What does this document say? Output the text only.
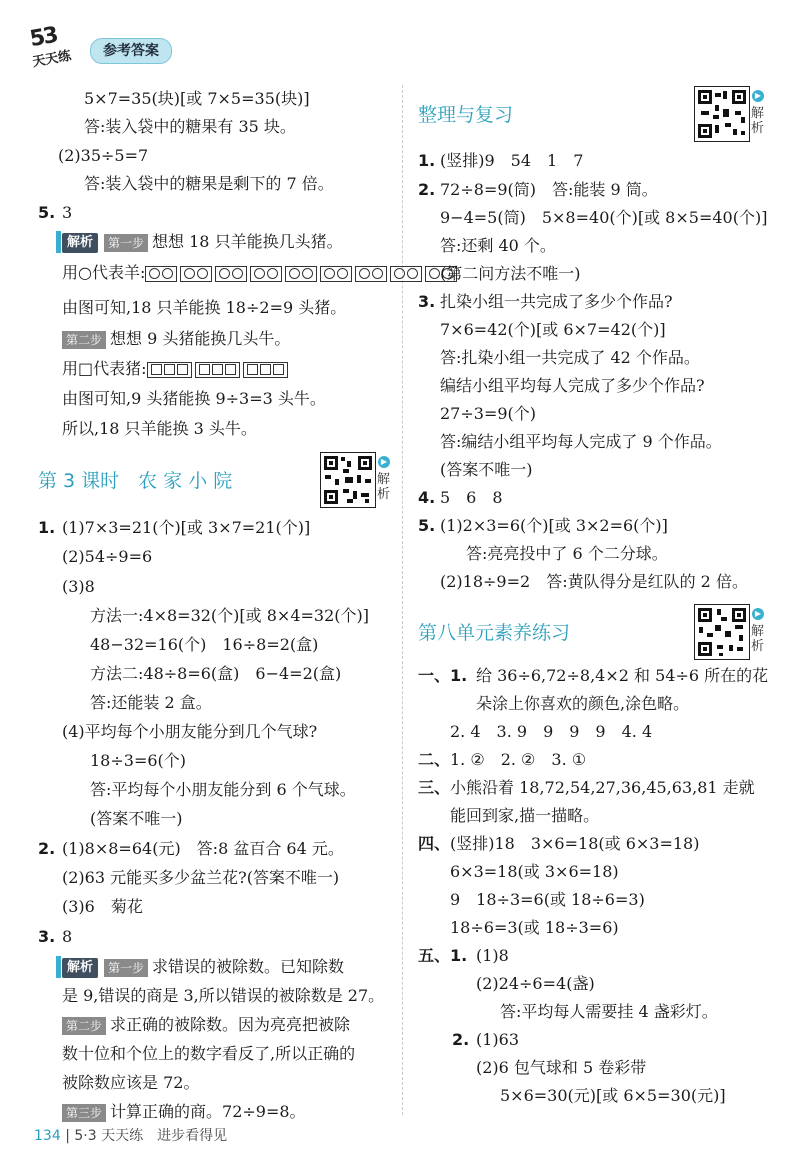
53
天天练	参考答案
5×7=35(块)[或 7×5=35(块)]
答:装入袋中的糖果有 35 块。
(2)35÷5=7
答:装入袋中的糖果是剩下的 7 倍。
5. 3
解析 第一步 想想 18 只羊能换几头猪。
用○代表羊:
由图可知,18 只羊能换 18÷2=9 头猪。
第二步 想想 9 头猪能换几头牛。
用□代表猪:
由图可知,9 头猪能换 9÷3=3 头牛。
所以,18 只羊能换 3 头牛。
第 3 课时　农 家 小 院
▶
解析
1. (1)7×3=21(个)[或 3×7=21(个)]
(2)54÷9=6
(3)8
方法一:4×8=32(个)[或 8×4=32(个)]
48−32=16(个)　16÷8=2(盒)
方法二:48÷8=6(盒)　6−4=2(盒)
答:还能装 2 盒。
(4)平均每个小朋友能分到几个气球?
18÷3=6(个)
答:平均每个小朋友能分到 6 个气球。
(答案不唯一)
2. (1)8×8=64(元)　答:8 盆百合 64 元。
(2)63 元能买多少盆兰花?(答案不唯一)
(3)6　菊花
3. 8
解析 第一步 求错误的被除数。已知除数
是 9,错误的商是 3,所以错误的被除数是 27。
第二步 求正确的被除数。因为亮亮把被除
数十位和个位上的数字看反了,所以正确的
被除数应该是 72。
第三步 计算正确的商。72÷9=8。
整理与复习
▶
解析
1. (竖排)9　54　1　7
2. 72÷8=9(筒)　答:能装 9 筒。
9−4=5(筒)　5×8=40(个)[或 8×5=40(个)]
答:还剩 40 个。
(第二问方法不唯一)
3. 扎染小组一共完成了多少个作品?
7×6=42(个)[或 6×7=42(个)]
答:扎染小组一共完成了 42 个作品。
编结小组平均每人完成了多少个作品?
27÷3=9(个)
答:编结小组平均每人完成了 9 个作品。
(答案不唯一)
4. 5　6　8
5. (1)2×3=6(个)[或 3×2=6(个)]
答:亮亮投中了 6 个二分球。
(2)18÷9=2　答:黄队得分是红队的 2 倍。
第八单元素养练习
▶
解析
一、1. 给 36÷6,72÷8,4×2 和 54÷6 所在的花
朵涂上你喜欢的颜色,涂色略。
2. 4　3. 9　9　9　9　4. 4
二、 1. ②　2. ②　3. ①
三、 小熊沿着 18,72,54,27,36,45,63,81 走就
能回到家,描一描略。
四、 (竖排)18　3×6=18(或 6×3=18)
6×3=18(或 3×6=18)
9　18÷3=6(或 18÷6=3)
18÷6=3(或 18÷3=6)
五、1. (1)8
(2)24÷6=4(盏)
答:平均每人需要挂 4 盏彩灯。
2. (1)63
(2)6 包气球和 5 卷彩带
5×6=30(元)[或 6×5=30(元)]
134 | 5·3 天天练　进步看得见
